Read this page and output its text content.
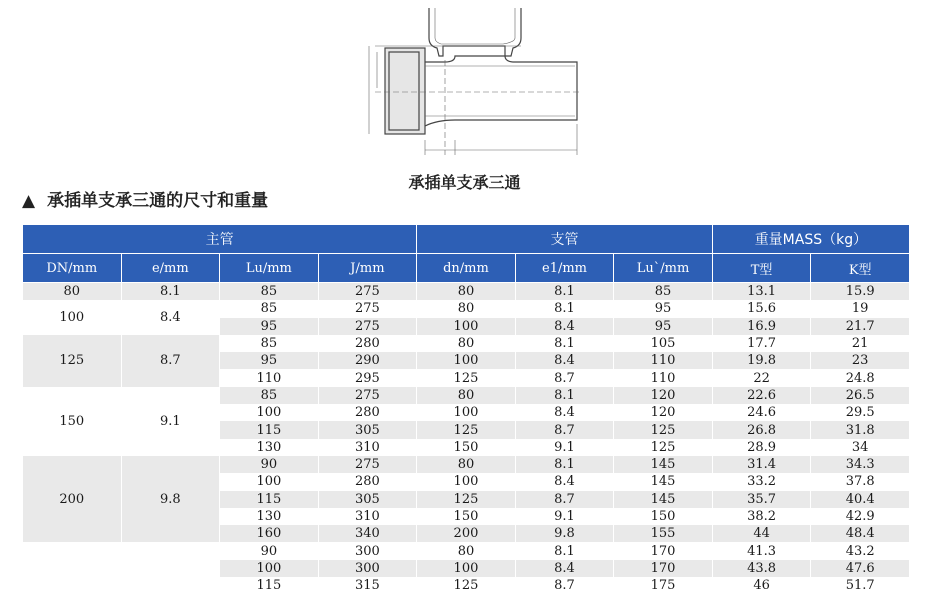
承插单支承三通
▲ 承插单支承三通的尺寸和重量
主管				支管			重量MASS（kg）	
DN/mm	e/mm	Lu/mm	J/mm	dn/mm	e1/mm	Lu`/mm	T型	K型
80	8.1	85	275	80	8.1	85	13.1	15.9
100	8.4	85	275	80	8.1	95	15.6	19
		95	275	100	8.4	95	16.9	21.7
125	8.7	85	280	80	8.1	105	17.7	21
		95	290	100	8.4	110	19.8	23
		110	295	125	8.7	110	22	24.8
150	9.1	85	275	80	8.1	120	22.6	26.5
		100	280	100	8.4	120	24.6	29.5
		115	305	125	8.7	125	26.8	31.8
		130	310	150	9.1	125	28.9	34
200	9.8	90	275	80	8.1	145	31.4	34.3
		100	280	100	8.4	145	33.2	37.8
		115	305	125	8.7	145	35.7	40.4
		130	310	150	9.1	150	38.2	42.9
		160	340	200	9.8	155	44	48.4
		90	300	80	8.1	170	41.3	43.2
		100	300	100	8.4	170	43.8	47.6
		115	315	125	8.7	175	46	51.7
